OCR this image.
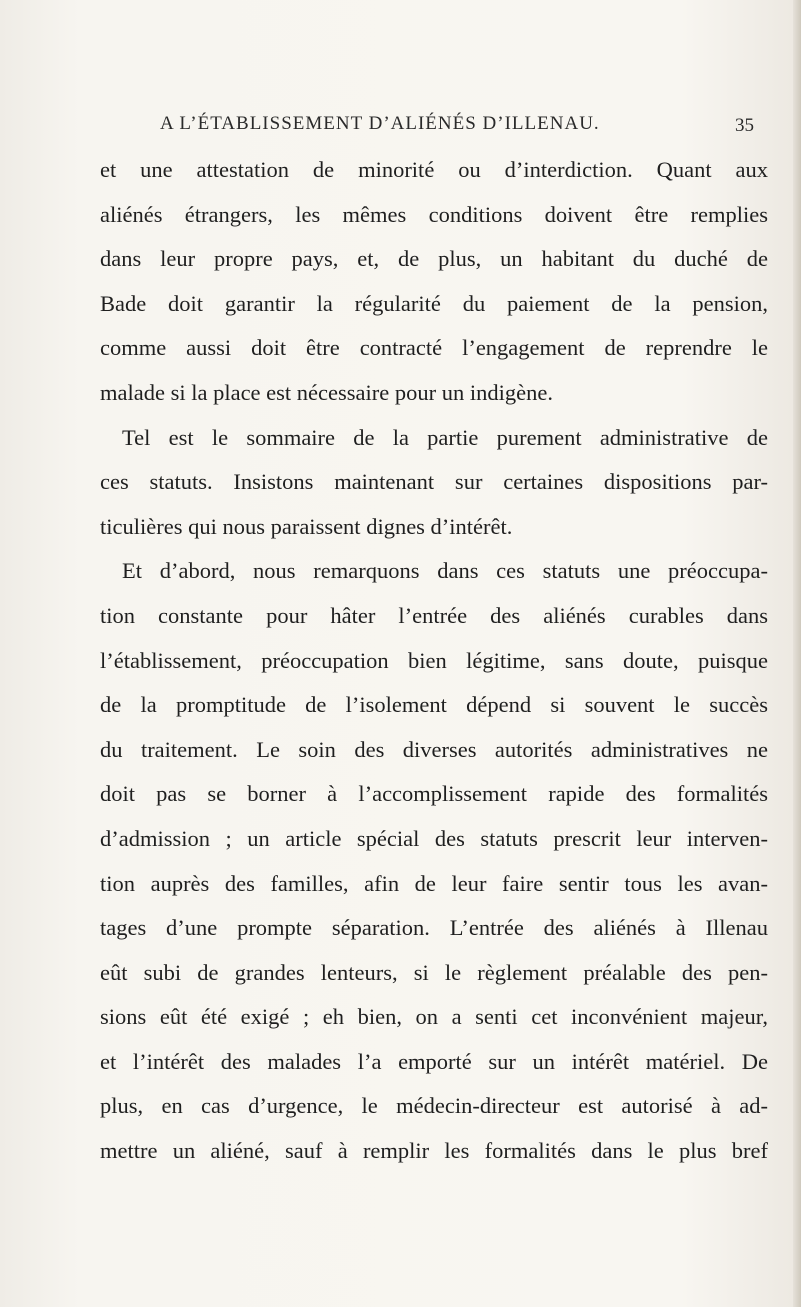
A L’ÉTABLISSEMENT D’ALIÉNÉS D’ILLENAU.	35
et une attestation de minorité ou d’interdiction. Quant aux
aliénés étrangers, les mêmes conditions doivent être remplies
dans leur propre pays, et, de plus, un habitant du duché de
Bade doit garantir la régularité du paiement de la pension,
comme aussi doit être contracté l’engagement de reprendre le
malade si la place est nécessaire pour un indigène.
Tel est le sommaire de la partie purement administrative de
ces statuts. Insistons maintenant sur certaines dispositions par-
ticulières qui nous paraissent dignes d’intérêt.
Et d’abord, nous remarquons dans ces statuts une préoccupa-
tion constante pour hâter l’entrée des aliénés curables dans
l’établissement, préoccupation bien légitime, sans doute, puisque
de la promptitude de l’isolement dépend si souvent le succès
du traitement. Le soin des diverses autorités administratives ne
doit pas se borner à l’accomplissement rapide des formalités
d’admission ; un article spécial des statuts prescrit leur interven-
tion auprès des familles, afin de leur faire sentir tous les avan-
tages d’une prompte séparation. L’entrée des aliénés à Illenau
eût subi de grandes lenteurs, si le règlement préalable des pen-
sions eût été exigé ; eh bien, on a senti cet inconvénient majeur,
et l’intérêt des malades l’a emporté sur un intérêt matériel. De
plus, en cas d’urgence, le médecin-directeur est autorisé à ad-
mettre un aliéné, sauf à remplir les formalités dans le plus bref
